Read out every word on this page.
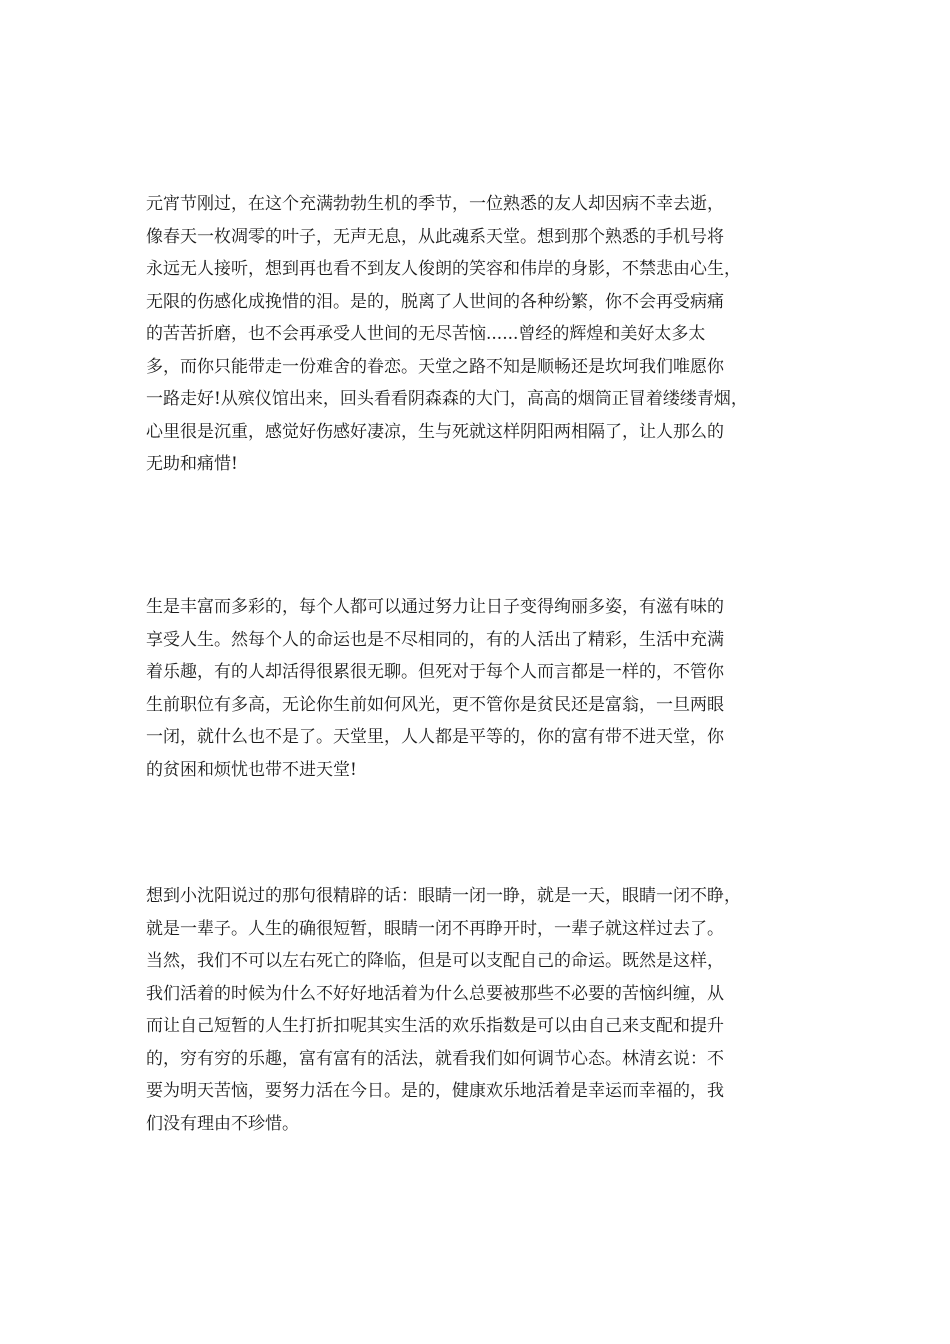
元宵节刚过，在这个充满勃勃生机的季节，一位熟悉的友人却因病不幸去逝，
像春天一枚凋零的叶子，无声无息，从此魂系天堂。想到那个熟悉的手机号将
永远无人接听，想到再也看不到友人俊朗的笑容和伟岸的身影，不禁悲由心生，
无限的伤感化成挽惜的泪。是的，脱离了人世间的各种纷繁，你不会再受病痛
的苦苦折磨，也不会再承受人世间的无尽苦恼......曾经的辉煌和美好太多太
多，而你只能带走一份难舍的眷恋。天堂之路不知是顺畅还是坎坷我们唯愿你
一路走好!从殡仪馆出来，回头看看阴森森的大门，高高的烟筒正冒着缕缕青烟，
心里很是沉重，感觉好伤感好凄凉，生与死就这样阴阳两相隔了，让人那么的
无助和痛惜!
生是丰富而多彩的，每个人都可以通过努力让日子变得绚丽多姿，有滋有味的
享受人生。然每个人的命运也是不尽相同的，有的人活出了精彩，生活中充满
着乐趣，有的人却活得很累很无聊。但死对于每个人而言都是一样的，不管你
生前职位有多高，无论你生前如何风光，更不管你是贫民还是富翁，一旦两眼
一闭，就什么也不是了。天堂里，人人都是平等的，你的富有带不进天堂，你
的贫困和烦忧也带不进天堂!
想到小沈阳说过的那句很精辟的话：眼睛一闭一睁，就是一天，眼睛一闭不睁，
就是一辈子。人生的确很短暂，眼睛一闭不再睁开时，一辈子就这样过去了。
当然，我们不可以左右死亡的降临，但是可以支配自己的命运。既然是这样，
我们活着的时候为什么不好好地活着为什么总要被那些不必要的苦恼纠缠，从
而让自己短暂的人生打折扣呢其实生活的欢乐指数是可以由自己来支配和提升
的，穷有穷的乐趣，富有富有的活法，就看我们如何调节心态。林清玄说：不
要为明天苦恼，要努力活在今日。是的，健康欢乐地活着是幸运而幸福的，我
们没有理由不珍惜。
